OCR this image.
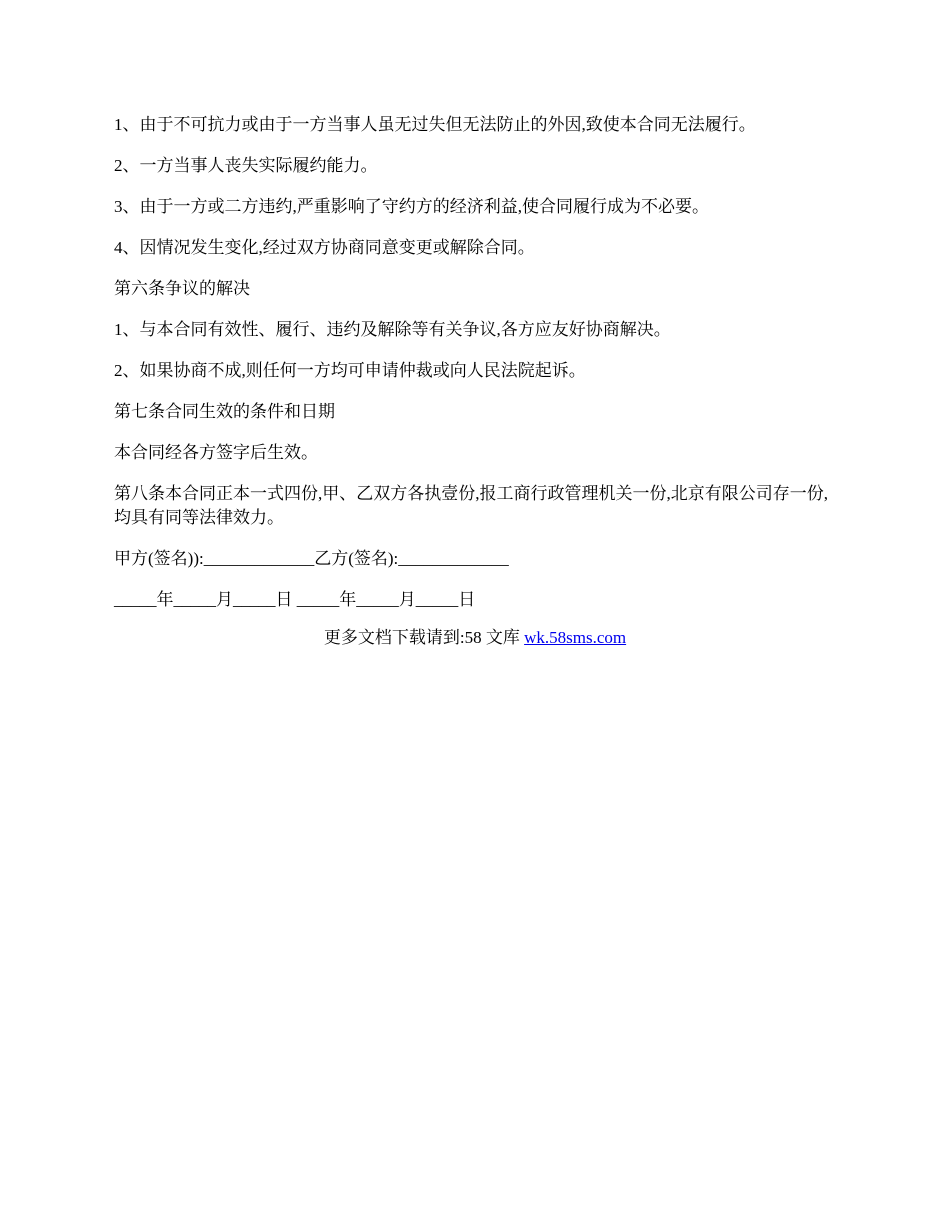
1、由于不可抗力或由于一方当事人虽无过失但无法防止的外因,致使本合同无法履行。

2、一方当事人丧失实际履约能力。

3、由于一方或二方违约,严重影响了守约方的经济利益,使合同履行成为不必要。

4、因情况发生变化,经过双方协商同意变更或解除合同。

第六条争议的解决

1、与本合同有效性、履行、违约及解除等有关争议,各方应友好协商解决。

2、如果协商不成,则任何一方均可申请仲裁或向人民法院起诉。

第七条合同生效的条件和日期

本合同经各方签字后生效。

第八条本合同正本一式四份,甲、乙双方各执壹份,报工商行政管理机关一份,北京有限公司存一份,均具有同等法律效力。

甲方(签名)):_____________乙方(签名):_____________

_____年_____月_____日 _____年_____月_____日

更多文档下载请到:58 文库 wk.58sms.com
